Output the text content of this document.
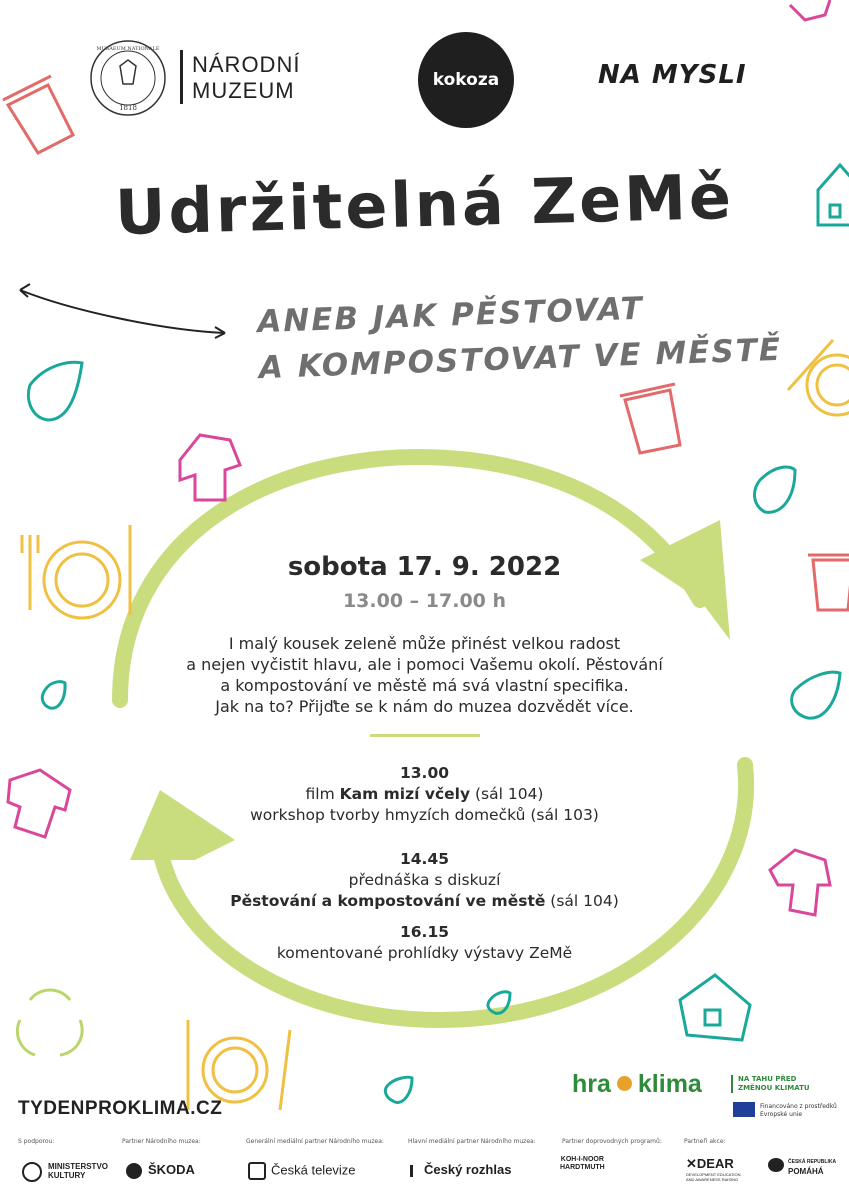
1818
MUSAEUM NATIONALE
NÁRODNÍ
MUZEUM	kokoza	NA MYSLI
Udržitelná ZeMě
ANEB JAK PĚSTOVAT
A KOMPOSTOVAT VE MĚSTĚ
sobota 17. 9. 2022
13.00 – 17.00 h
I malý kousek zeleně může přinést velkou radost
a nejen vyčistit hlavu, ale i pomoci Vašemu okolí. Pěstování
a kompostování ve městě má svá vlastní specifika.
Jak na to? Přijďte se k nám do muzea dozvědět více.
13.00
film Kam mizí včely (sál 104)
workshop tvorby hmyzích domečků (sál 103)
14.45
přednáška s diskuzí
Pěstování a kompostování ve městě (sál 104)
16.15
komentované prohlídky výstavy ZeMě
TYDENPROKLIMA.CZ
hra klima	NA TAHU PŘED
ZMĚNOU KLIMATU
Financováno z prostředků
Evropské unie
S podporou:	Partner Národního muzea:	Generální mediální partner Národního muzea:	Hlavní mediální partner Národního muzea:	Partner doprovodných programů:	Partneři akce:
MINISTERSTVO
KULTURY	ŠKODA	Česká televize	Český rozhlas
KOH-I-NOOR
HARDTMUTH	✕DEAR
DEVELOPMENT EDUCATION AND AWARENESS RAISING
ČESKÁ REPUBLIKA
POMÁHÁ
